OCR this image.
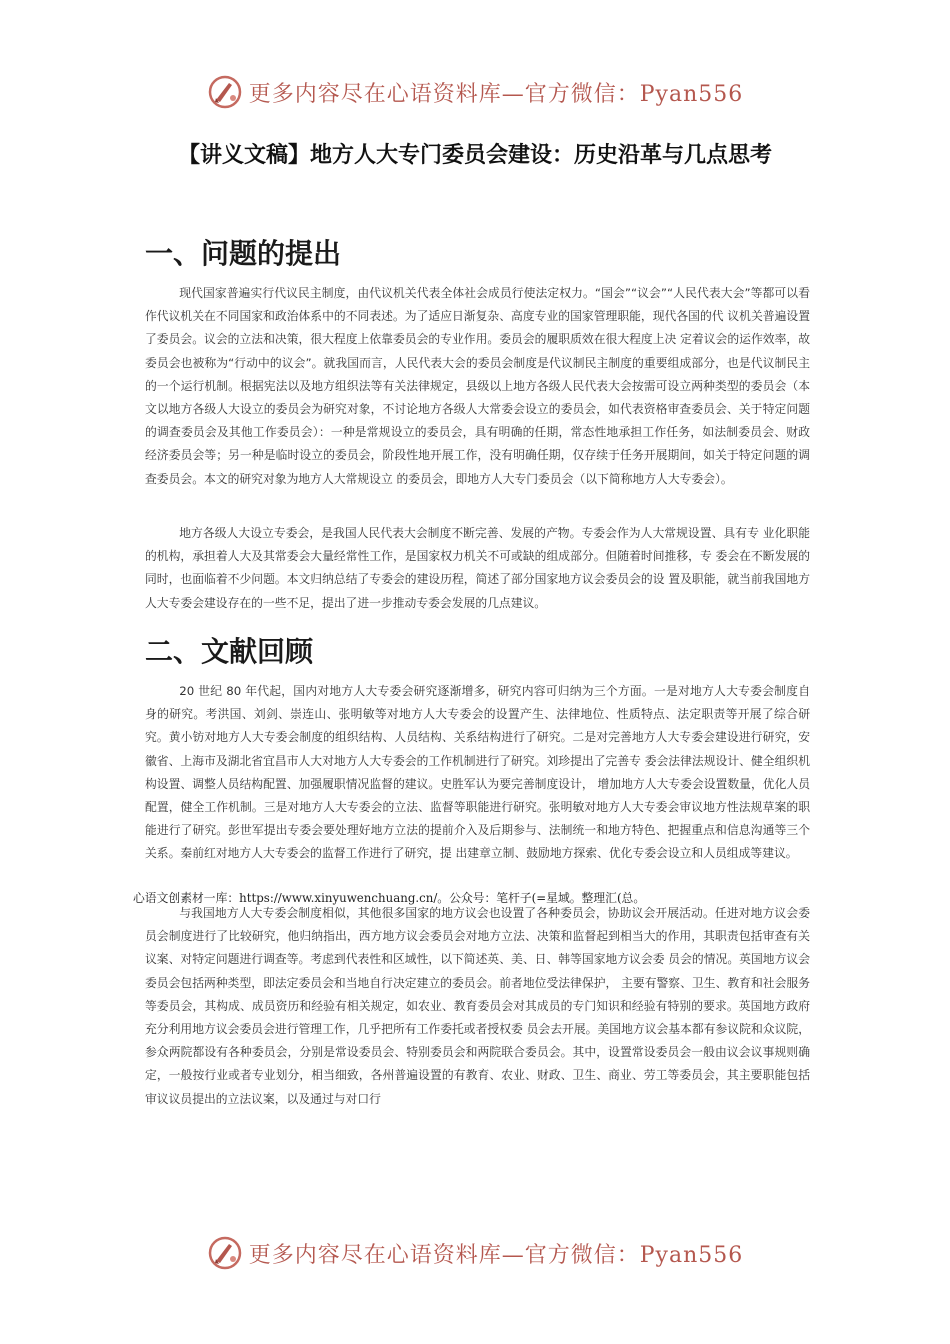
更多内容尽在心语资料库—官方微信：Pyan556
【讲义文稿】地方人大专门委员会建设：历史沿革与几点思考
一、问题的提出

现代国家普遍实行代议民主制度，由代议机关代表全体社会成员行使法定权力。“国会”“议会”“人民代表大会”等都可以看作代议机关在不同国家和政治体系中的不同表述。为了适应日渐复杂、高度专业的国家管理职能，现代各国的代 议机关普遍设置了委员会。议会的立法和决策，很大程度上依靠委员会的专业作用。委员会的履职质效在很大程度上决 定着议会的运作效率，故委员会也被称为“行动中的议会”。就我国而言，人民代表大会的委员会制度是代议制民主制度的重要组成部分，也是代议制民主的一个运行机制。根据宪法以及地方组织法等有关法律规定，县级以上地方各级人民代表大会按需可设立两种类型的委员会（本文以地方各级人大设立的委员会为研究对象，不讨论地方各级人大常委会设立的委员会，如代表资格审查委员会、关于特定问题的调查委员会及其他工作委员会）：一种是常规设立的委员会，具有明确的任期，常态性地承担工作任务，如法制委员会、财政经济委员会等；另一种是临时设立的委员会，阶段性地开展工作，没有明确任期，仅存续于任务开展期间，如关于特定问题的调查委员会。本文的研究对象为地方人大常规设立 的委员会，即地方人大专门委员会（以下简称地方人大专委会）。

地方各级人大设立专委会，是我国人民代表大会制度不断完善、发展的产物。专委会作为人大常规设置、具有专 业化职能的机构，承担着人大及其常委会大量经常性工作，是国家权力机关不可或缺的组成部分。但随着时间推移，专 委会在不断发展的同时，也面临着不少问题。本文归纳总结了专委会的建设历程，简述了部分国家地方议会委员会的设 置及职能，就当前我国地方人大专委会建设存在的一些不足，提出了进一步推动专委会发展的几点建议。

二、文献回顾

20 世纪 80 年代起，国内对地方人大专委会研究逐渐增多，研究内容可归纳为三个方面。一是对地方人大专委会制度自身的研究。考洪国、刘剑、崇连山、张明敏等对地方人大专委会的设置产生、法律地位、性质特点、法定职责等开展了综合研究。黄小钫对地方人大专委会制度的组织结构、人员结构、关系结构进行了研究。二是对完善地方人大专委会建设进行研究，安徽省、上海市及湖北省宜昌市人大对地方人大专委会的工作机制进行了研究。刘珍提出了完善专 委会法律法规设计、健全组织机构设置、调整人员结构配置、加强履职情况监督的建议。史胜军认为要完善制度设计， 增加地方人大专委会设置数量，优化人员配置，健全工作机制。三是对地方人大专委会的立法、监督等职能进行研究。张明敏对地方人大专委会审议地方性法规草案的职能进行了研究。彭世军提出专委会要处理好地方立法的提前介入及后期参与、法制统一和地方特色、把握重点和信息沟通等三个关系。秦前红对地方人大专委会的监督工作进行了研究，提 出建章立制、鼓励地方探索、优化专委会设立和人员组成等建议。

心语文创素材一库：https://www.xinyuwenchuang.cn/。公众号：笔杆子(=星域。整理汇(总。

与我国地方人大专委会制度相似，其他很多国家的地方议会也设置了各种委员会，协助议会开展活动。任进对地方议会委员会制度进行了比较研究，他归纳指出，西方地方议会委员会对地方立法、决策和监督起到相当大的作用，其职责包括审查有关议案、对特定问题进行调查等。考虑到代表性和区域性，以下简述英、美、日、韩等国家地方议会委 员会的情况。英国地方议会委员会包括两种类型，即法定委员会和当地自行决定建立的委员会。前者地位受法律保护， 主要有警察、卫生、教育和社会服务等委员会，其构成、成员资历和经验有相关规定，如农业、教育委员会对其成员的专门知识和经验有特别的要求。英国地方政府充分利用地方议会委员会进行管理工作，几乎把所有工作委托或者授权委 员会去开展。美国地方议会基本都有参议院和众议院，参众两院都设有各种委员会，分别是常设委员会、特别委员会和两院联合委员会。其中，设置常设委员会一般由议会议事规则确定，一般按行业或者专业划分，相当细致，各州普遍设置的有教育、农业、财政、卫生、商业、劳工等委员会，其主要职能包括审议议员提出的立法议案，以及通过与对口行

更多内容尽在心语资料库—官方微信：Pyan556
